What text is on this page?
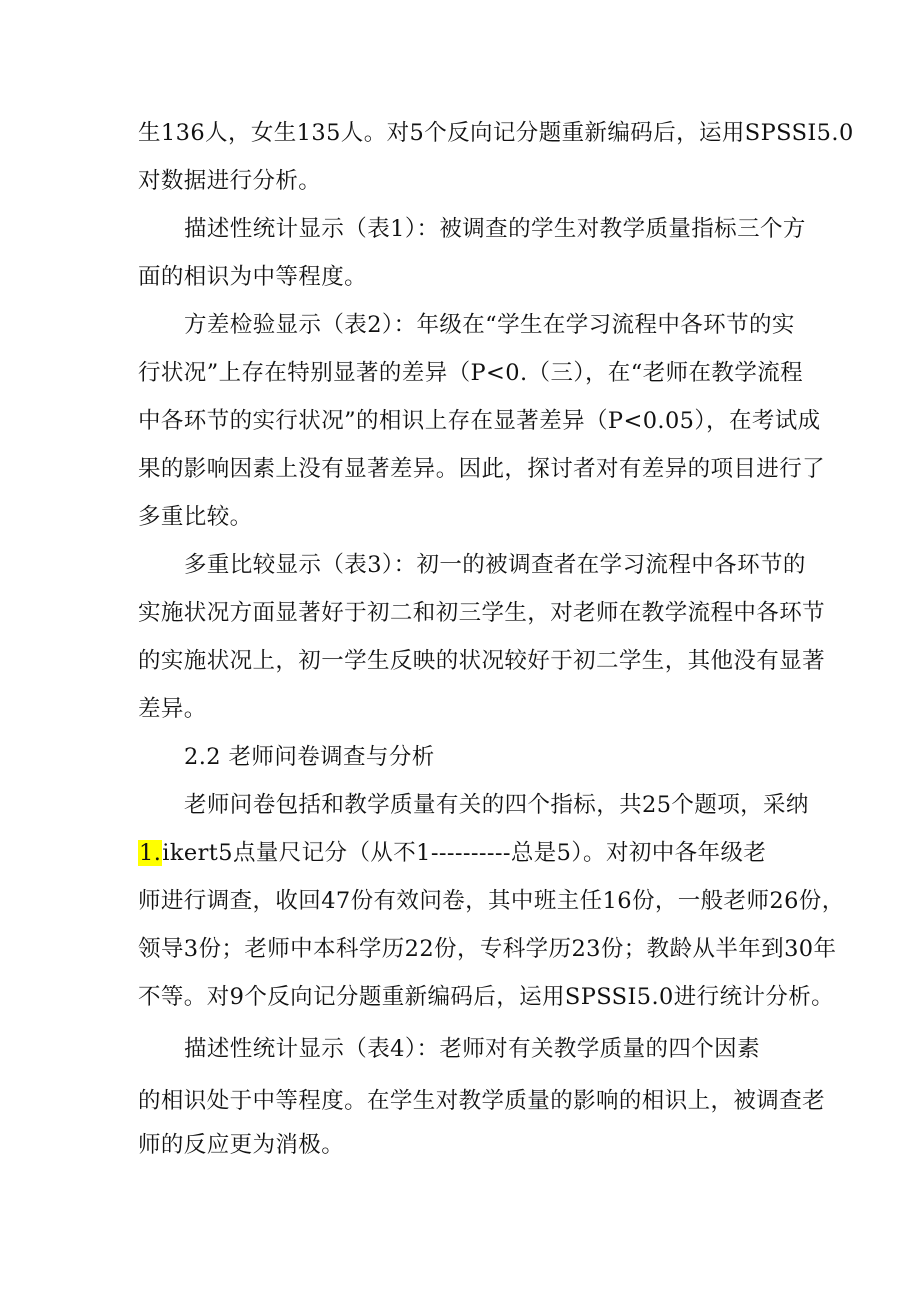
生136人，女生135人。对5个反向记分题重新编码后，运用SPSSI5.0
对数据进行分析。
描述性统计显示（表1）：被调查的学生对教学质量指标三个方
面的相识为中等程度。
方差检验显示（表2）：年级在“学生在学习流程中各环节的实
行状况”上存在特别显著的差异（P<0.（三），在“老师在教学流程
中各环节的实行状况”的相识上存在显著差异（P<0.05），在考试成
果的影响因素上没有显著差异。因此，探讨者对有差异的项目进行了
多重比较。
多重比较显示（表3）：初一的被调查者在学习流程中各环节的
实施状况方面显著好于初二和初三学生，对老师在教学流程中各环节
的实施状况上，初一学生反映的状况较好于初二学生，其他没有显著
差异。
2.2 老师问卷调查与分析
老师问卷包括和教学质量有关的四个指标，共25个题项，采纳
1.ikert5点量尺记分（从不1----------总是5）。对初中各年级老
师进行调查，收回47份有效问卷，其中班主任16份，一般老师26份，
领导3份；老师中本科学历22份，专科学历23份；教龄从半年到30年
不等。对9个反向记分题重新编码后，运用SPSSI5.0进行统计分析。
描述性统计显示（表4）：老师对有关教学质量的四个因素
的相识处于中等程度。在学生对教学质量的影响的相识上，被调查老
师的反应更为消极。
